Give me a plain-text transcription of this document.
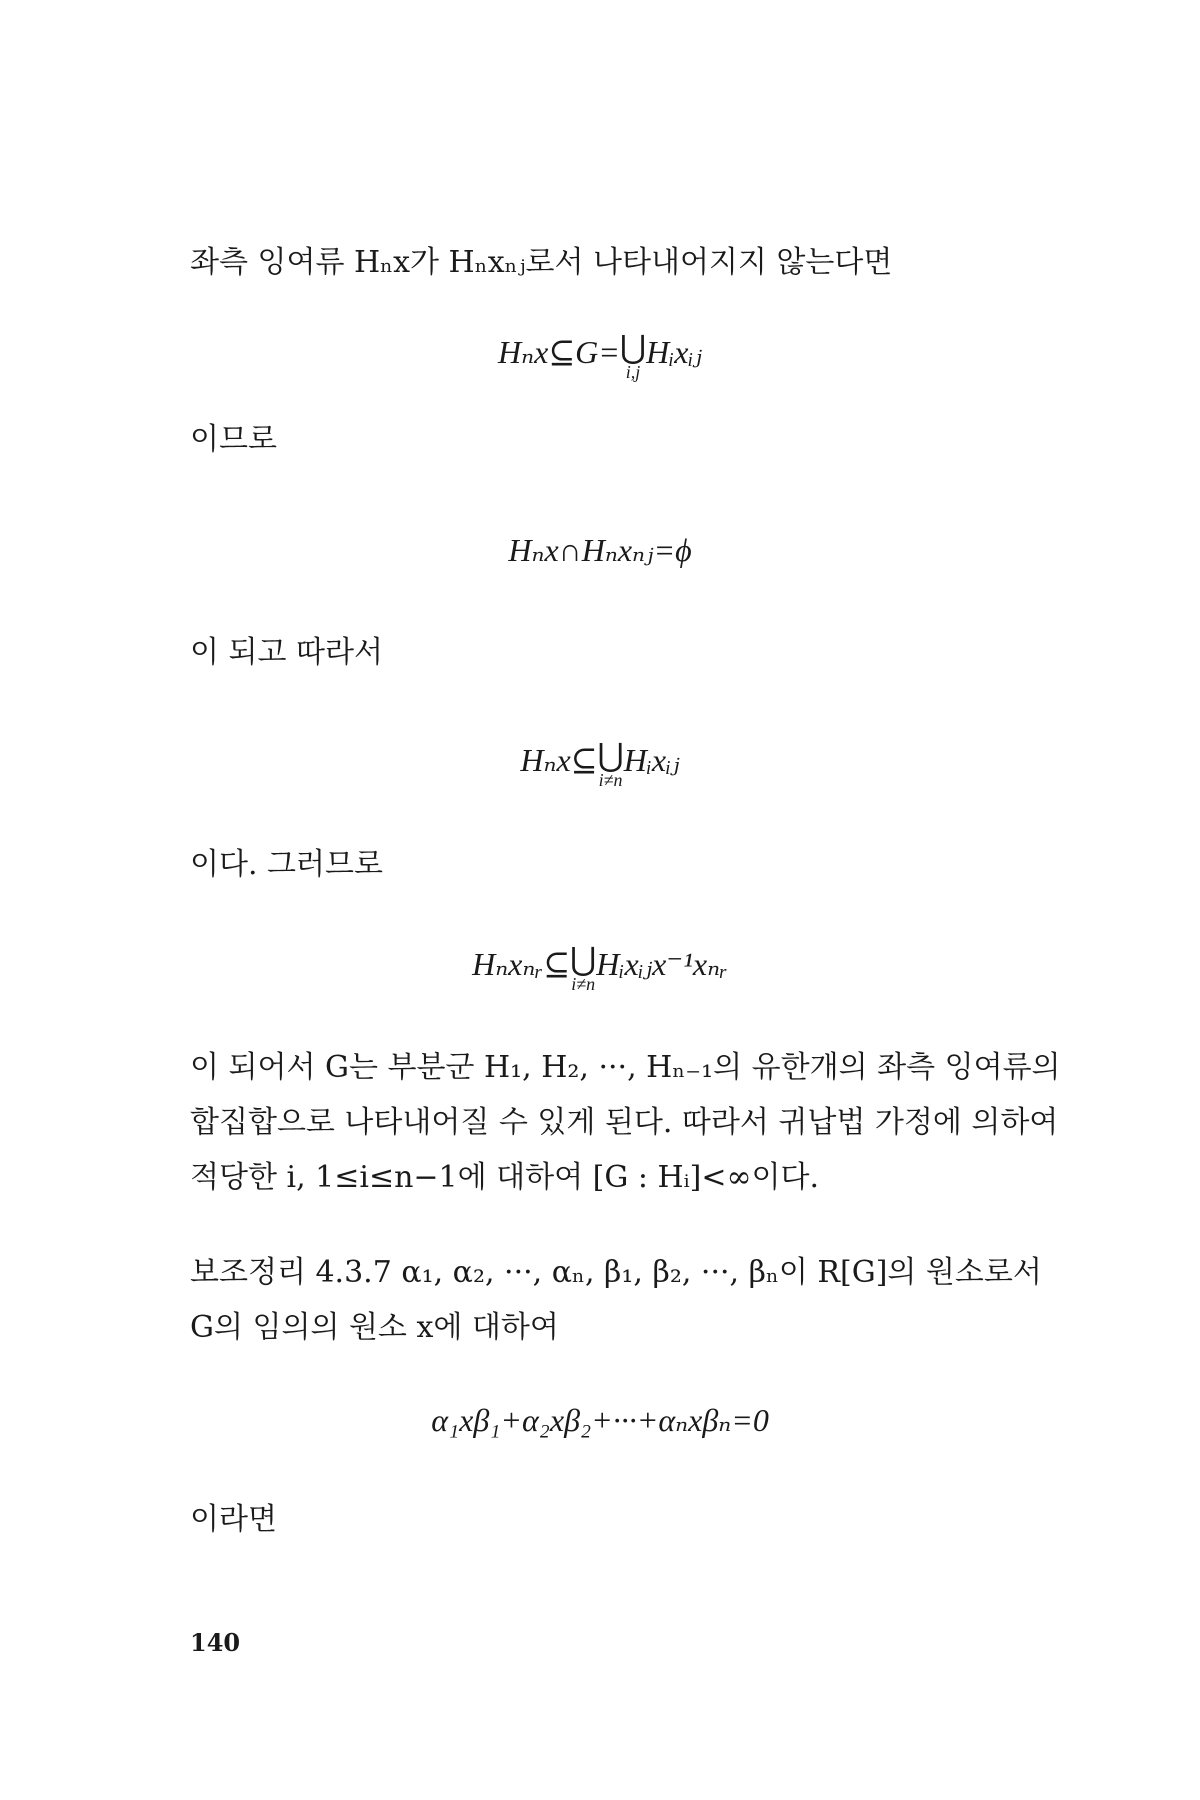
좌측 잉여류 Hₙx가 Hₙxₙⱼ로서 나타내어지지 않는다면
Hₙx⊆G= ⋃
i,j
Hᵢxᵢⱼ
이므로
Hₙx∩Hₙxₙⱼ=ϕ
이 되고 따라서
Hₙx⊆ ⋃
i≠n
Hᵢxᵢⱼ
이다. 그러므로
Hₙxₙᵣ⊆ ⋃
i≠n
Hᵢxᵢⱼx⁻¹xₙᵣ
이 되어서 G는 부분군 H₁, H₂, ···, Hₙ₋₁의 유한개의 좌측 잉여류의
합집합으로 나타내어질 수 있게 된다. 따라서 귀납법 가정에 의하여
적당한 i, 1≤i≤n−1에 대하여 [G : Hᵢ]<∞이다.
보조정리 4.3.7 α₁, α₂, ···, αₙ, β₁, β₂, ···, βₙ이 R[G]의 원소로서
G의 임의의 원소 x에 대하여
α₁xβ₁+α₂xβ₂+···+αₙxβₙ=0
이라면
140
